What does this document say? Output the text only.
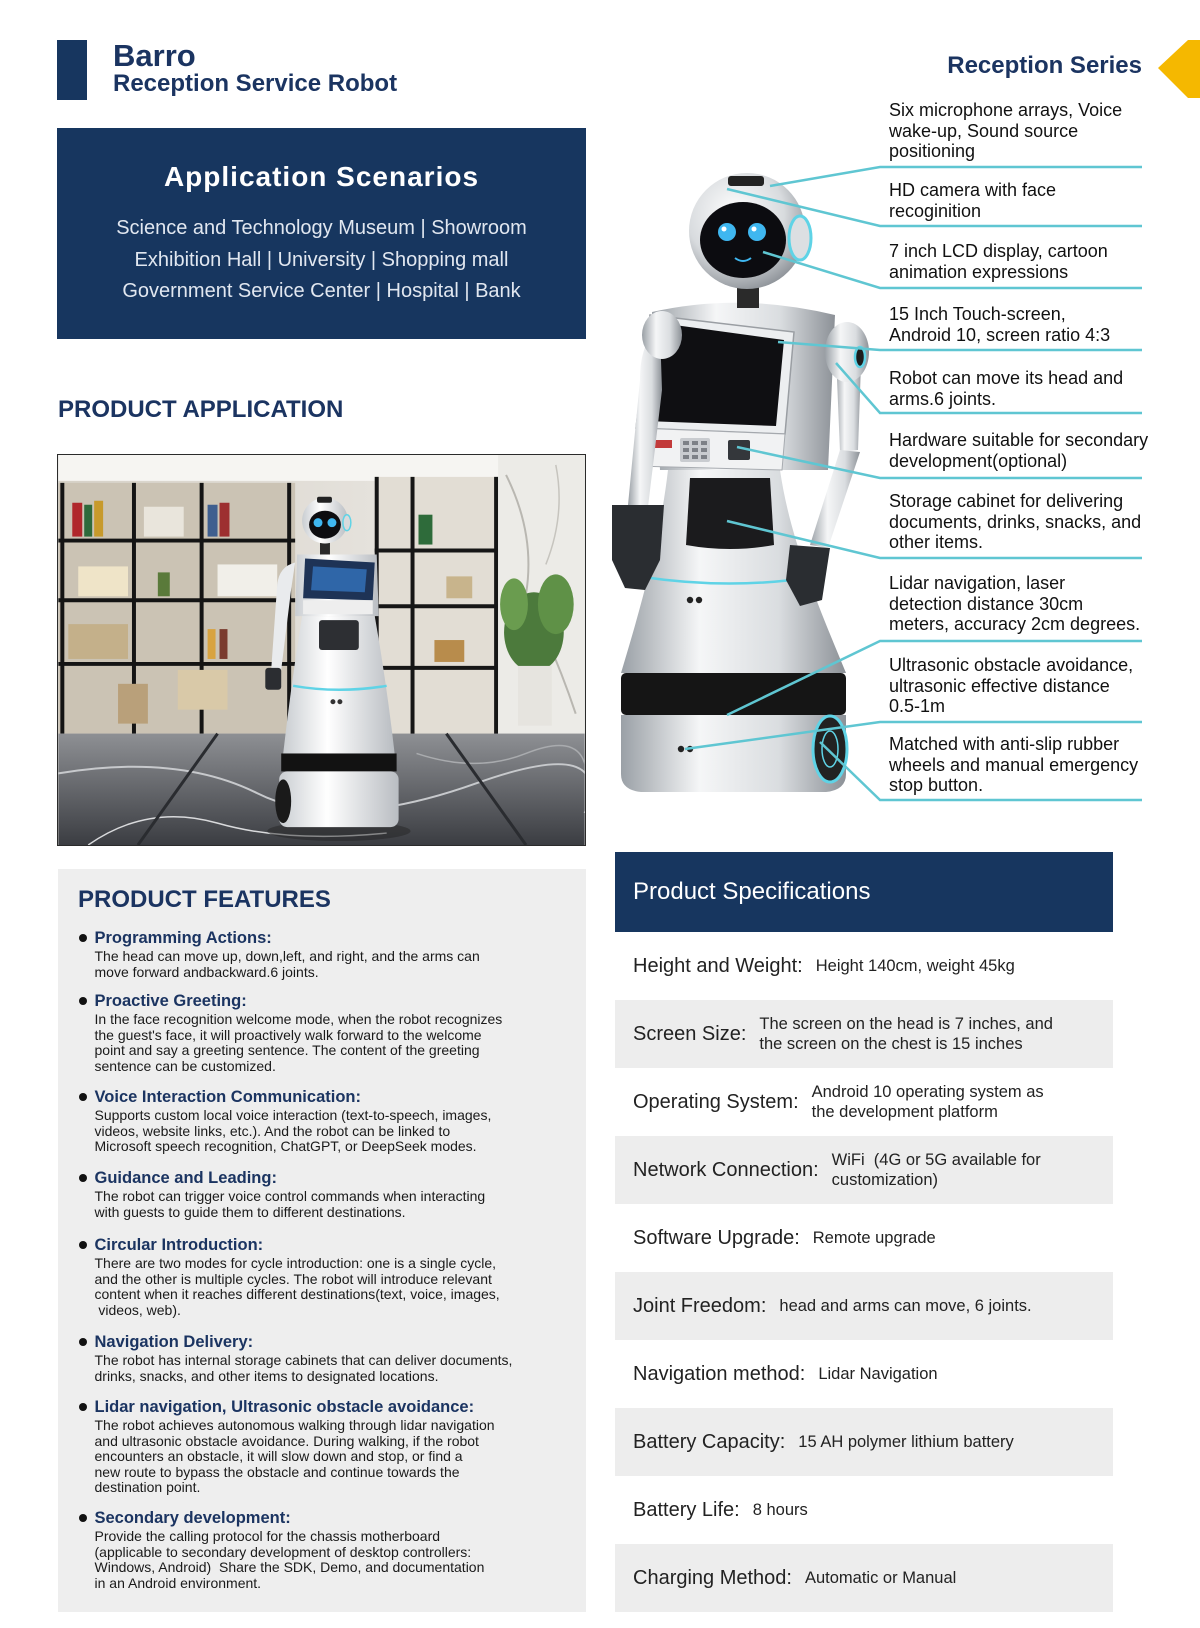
Barro
Reception Service Robot
Reception Series
Application Scenarios
Science and Technology Museum | Showroom
Exhibition Hall | University | Shopping mall
Government Service Center | Hospital | Bank
PRODUCT APPLICATION
Six microphone arrays, Voice
wake-up, Sound source
positioning
HD camera with face
recoginition
7 inch LCD display, cartoon
animation expressions
15 Inch Touch-screen,
Android 10, screen ratio 4:3
Robot can move its head and
arms.6 joints.
Hardware suitable for secondary
development(optional)
Storage cabinet for delivering
documents, drinks, snacks, and
other items.
Lidar navigation, laser
detection distance 30cm
meters, accuracy 2cm degrees.
Ultrasonic obstacle avoidance,
ultrasonic effective distance
0.5-1m
Matched with anti-slip rubber
wheels and manual emergency
stop button.
PRODUCT FEATURES
Programming Actions:
The head can move up, down,left, and right, and the arms can
move forward andbackward.6 joints.
Proactive Greeting:
In the face recognition welcome mode, when the robot recognizes
the guest's face, it will proactively walk forward to the welcome
point and say a greeting sentence. The content of the greeting
sentence can be customized.
Voice Interaction Communication:
Supports custom local voice interaction (text-to-speech, images,
videos, website links, etc.). And the robot can be linked to
Microsoft speech recognition, ChatGPT, or DeepSeek modes.
Guidance and Leading:
The robot can trigger voice control commands when interacting
with guests to guide them to different destinations.
Circular Introduction:
There are two modes for cycle introduction: one is a single cycle,
and the other is multiple cycles. The robot will introduce relevant
content when it reaches different destinations(text, voice, images,
videos, web).
Navigation Delivery:
The robot has internal storage cabinets that can deliver documents,
drinks, snacks, and other items to designated locations.
Lidar navigation, Ultrasonic obstacle avoidance:
The robot achieves autonomous walking through lidar navigation
and ultrasonic obstacle avoidance. During walking, if the robot
encounters an obstacle, it will slow down and stop, or find a
new route to bypass the obstacle and continue towards the
destination point.
Secondary development:
Provide the calling protocol for the chassis motherboard
(applicable to secondary development of desktop controllers:
Windows, Android)  Share the SDK, Demo, and documentation
in an Android environment.
Product Specifications
Height and Weight: Height 140cm, weight 45kg
Screen Size: The screen on the head is 7 inches, and
the screen on the chest is 15 inches
Operating System: Android 10 operating system as
the development platform
Network Connection: WiFi  (4G or 5G available for
customization)
Software Upgrade: Remote upgrade
Joint Freedom: head and arms can move, 6 joints.
Navigation method: Lidar Navigation
Battery Capacity: 15 AH polymer lithium battery
Battery Life: 8 hours
Charging Method: Automatic or Manual
